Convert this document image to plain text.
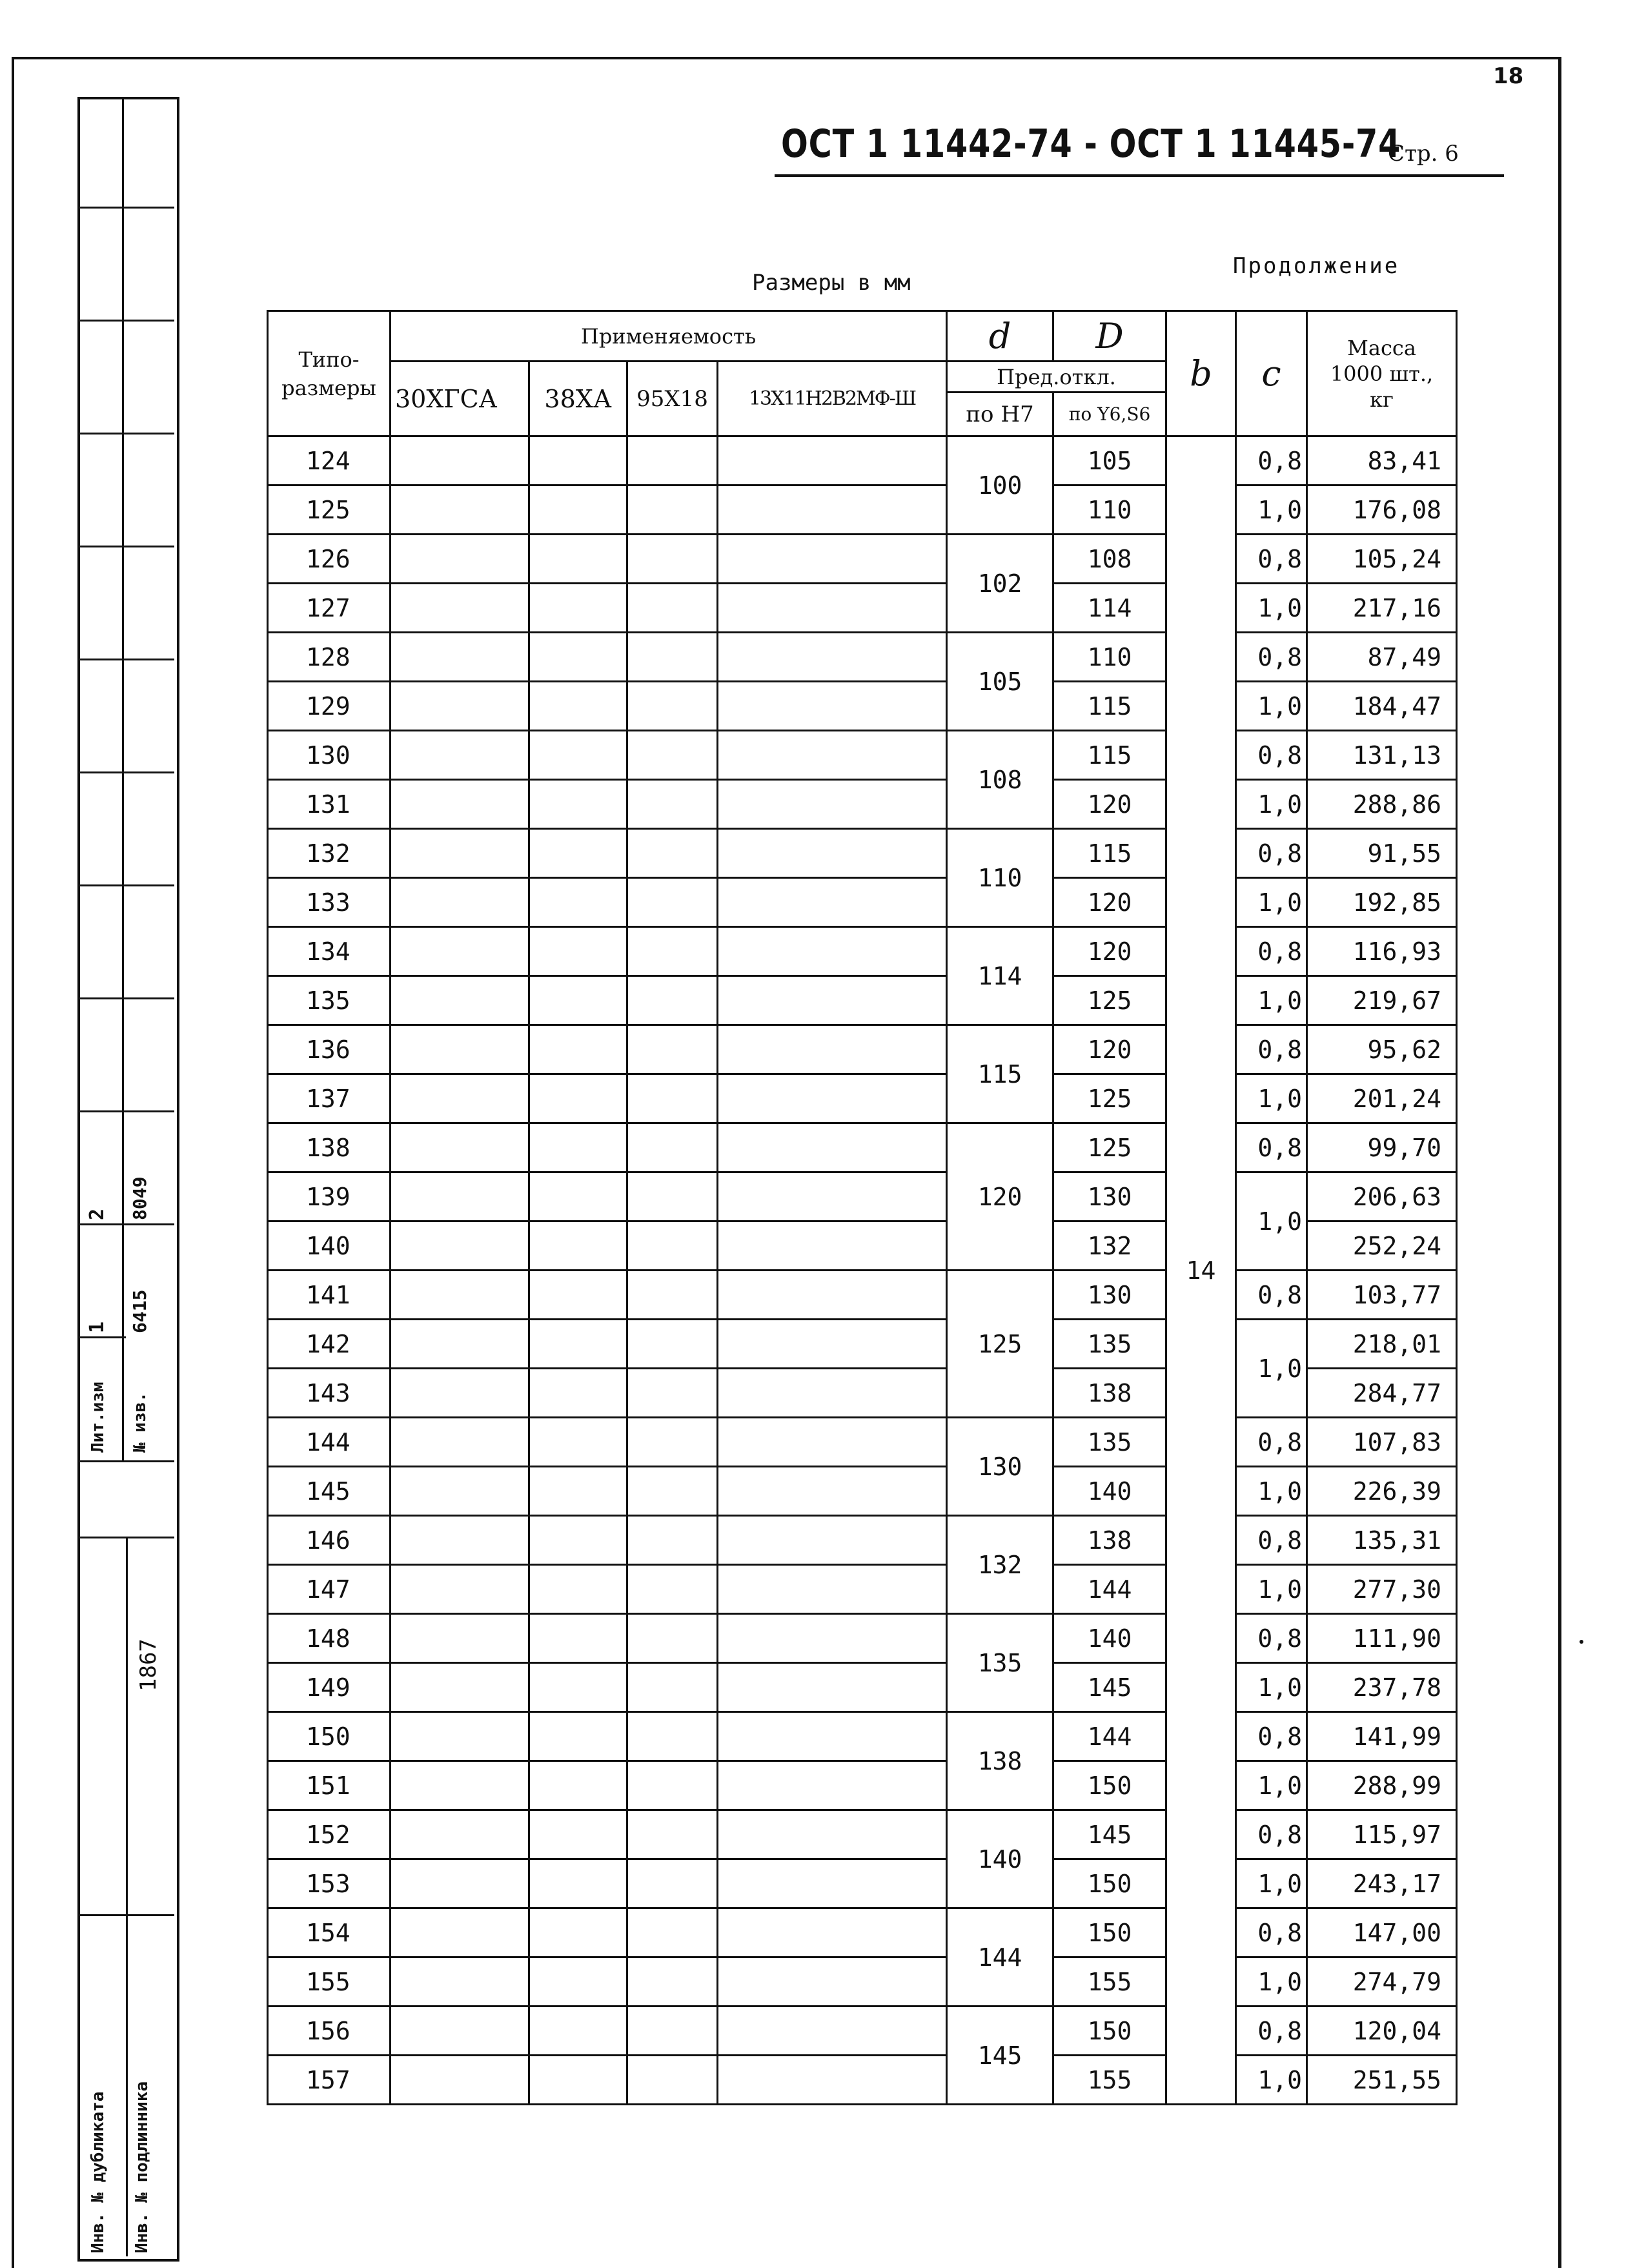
18
2 8049
1 6415
Лит.изм № изв.
1867
Инв. № дубликата Инв. № подлинника
ОСТ 1 11442-74 - ОСТ 1 11445-74
Стр. 6
Продолжение
Размеры в мм
Типо-
размеры	Применяемость				d	D	b	c	Масса
1000 шт.,
кг
	30ХГСА	38ХА	95Х18	13Х11Н2В2МФ-Ш	Пред.откл.				
					по Н7	по Y6,S6			
124					100	105	14	0,8	83,41
125						110		1,0	176,08
126					102	108		0,8	105,24
127						114		1,0	217,16
128					105	110		0,8	87,49
129						115		1,0	184,47
130					108	115		0,8	131,13
131						120		1,0	288,86
132					110	115		0,8	91,55
133						120		1,0	192,85
134					114	120		0,8	116,93
135						125		1,0	219,67
136					115	120		0,8	95,62
137						125		1,0	201,24
138					120	125		0,8	99,70
139						130		1,0	206,63
140						132			252,24
141					125	130		0,8	103,77
142						135		1,0	218,01
143						138			284,77
144					130	135		0,8	107,83
145						140		1,0	226,39
146					132	138		0,8	135,31
147						144		1,0	277,30
148					135	140		0,8	111,90
149						145		1,0	237,78
150					138	144		0,8	141,99
151						150		1,0	288,99
152					140	145		0,8	115,97
153						150		1,0	243,17
154					144	150		0,8	147,00
155						155		1,0	274,79
156					145	150		0,8	120,04
157						155		1,0	251,55
